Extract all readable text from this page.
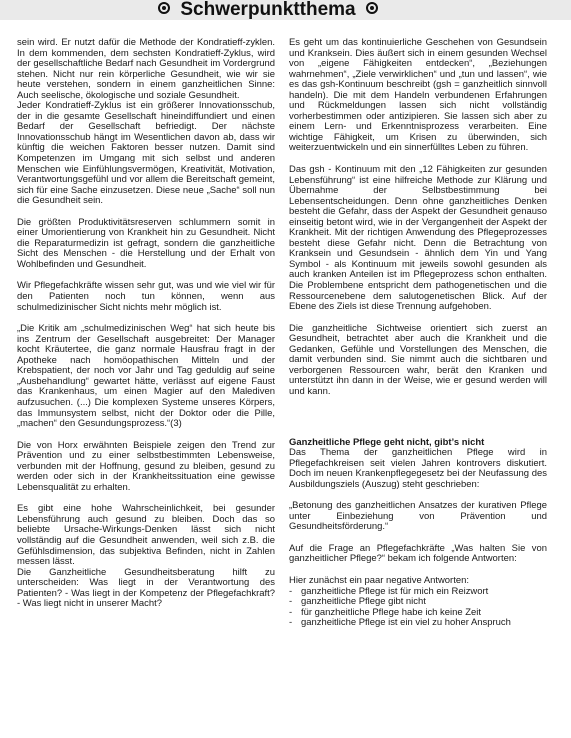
Schwerpunktthema

sein wird. Er nutzt dafür die Methode der Kondratieff-zyklen. In dem kommenden, dem sechsten Kondratieff-Zyklus, wird der gesellschaftliche Bedarf nach Gesundheit im Vordergrund stehen. Nicht nur rein körperliche Gesundheit, wie wir sie heute verstehen, sondern in einem ganzheitlichen Sinne: Auch seelische, ökologische und soziale Gesundheit.

Jeder Kondratieff-Zyklus ist ein größerer Innovationsschub, der in die gesamte Gesellschaft hineindiffundiert und einen Bedarf der Gesellschaft befriedigt. Der nächste Innovationsschub hängt im Wesentlichen davon ab, dass wir künftig die weichen Faktoren besser nutzen. Damit sind Kompetenzen im Umgang mit sich selbst und anderen Menschen wie Einfühlungsvermögen, Kreativität, Motivation, Verantwortungsgefühl und vor allem die Bereitschaft gemeint, sich für eine Sache einzusetzen. Diese neue „Sache“ soll nun die Gesundheit sein.

Die größten Produktivitätsreserven schlummern somit in einer Umorientierung von Krankheit hin zu Gesundheit. Nicht die Reparaturmedizin ist gefragt, sondern die ganzheitliche Sicht des Menschen - die Herstellung und der Erhalt von Wohlbefinden und Gesundheit.

Wir Pflegefachkräfte wissen sehr gut, was und wie viel wir für den Patienten noch tun können, wenn aus schulmedizinischer Sicht nichts mehr möglich ist.

„Die Kritik am „schulmedizinischen Weg“ hat sich heute bis ins Zentrum der Gesellschaft ausgebreitet: Der Manager kocht Kräutertee, die ganz normale Hausfrau fragt in der Apotheke nach homöopathischen Mitteln und der Krebspatient, der noch vor Jahr und Tag geduldig auf seine „Ausbehandlung“ gewartet hätte, verlässt auf eigene Faust das Krankenhaus, um einen Magier auf den Malediven aufzusuchen. (...) Die komplexen Systeme unseres Körpers, das Immunsystem selbst, nicht der Doktor oder die Pille, „machen“ den Gesundungsprozess.“(3)

Die von Horx erwähnten Beispiele zeigen den Trend zur Prävention und zu einer selbstbestimmten Lebensweise, verbunden mit der Hoffnung, gesund zu bleiben, gesund zu werden oder sich in der Krankheitssituation eine gewisse Lebensqualität zu erhalten.

Es gibt eine hohe Wahrscheinlichkeit, bei gesunder Lebensführung auch gesund zu bleiben. Doch das so beliebte Ursache-Wirkungs-Denken lässt sich nicht vollständig auf die Gesundheit anwenden, weil sich z.B. die Gefühlsdimension, das subjektiva Befinden, nicht in Zahlen messen lässt.

Die Ganzheitliche Gesundheitsberatung hilft zu unterscheiden: Was liegt in der Verantwortung des Patienten? - Was liegt in der Kompetenz der Pflegefachkraft? - Was liegt nicht in unserer Macht?

Es geht um das kontinuierliche Geschehen von Gesundsein und Kranksein. Dies äußert sich in einem gesunden Wechsel von „eigene Fähigkeiten entdecken“, „Beziehungen wahrnehmen“, „Ziele verwirklichen“ und „tun und lassen“, wie es das gsh-Kontinuum beschreibt (gsh = ganzheitlich sinnvoll handeln). Die mit dem Handeln verbundenen Erfahrungen und Rückmeldungen lassen sich nicht vollständig vorherbestimmen oder antizipieren. Sie lassen sich aber zu einem Lern- und Erkenntnisprozess verarbeiten. Eine wichtige Fähigkeit, um Krisen zu überwinden, sich weiterzuentwickeln und ein sinnerfülltes Leben zu führen.

Das gsh - Kontinuum mit den „12 Fähigkeiten zur gesunden Lebensführung“ ist eine hilfreiche Methode zur Klärung und Übernahme der Selbstbestimmung bei Lebensentscheidungen. Denn ohne ganzheitliches Denken besteht die Gefahr, dass der Aspekt der Gesundheit genauso einseitig betont wird, wie in der Vergangenheit der Aspekt der Krankheit. Mit der richtigen Anwendung des Pflegeprozesses besteht diese Gefahr nicht. Denn die Betrachtung von Kranksein und Gesundsein - ähnlich dem Yin und Yang Symbol - als Kontinuum mit jeweils sowohl gesunden als auch kranken Anteilen ist im Pflegeprozess schon enthalten. Die Problembene entspricht dem pathogenetischen und die Ressourcenebene dem salutogenetischen Blick. Auf der Ebene des Ziels ist diese Trennung aufgehoben.

Die ganzheitliche Sichtweise orientiert sich zuerst an Gesundheit, betrachtet aber auch die Krankheit und die Gedanken, Gefühle und Vorstellungen des Menschen, die damit verbunden sind. Sie nimmt auch die sichtbaren und verborgenen Ressourcen wahr, berät den Kranken und unterstützt ihn dann in der Weise, wie er gesund werden will und kann.

Ganzheitliche Pflege geht nicht, gibt’s nicht

Das Thema der ganzheitlichen Pflege wird in Pflegefachkreisen seit vielen Jahren kontrovers diskutiert. Doch im neuen Krankenpflegegesetz bei der Neufassung des Ausbildungsziels (Auszug) steht geschrieben:

„Betonung des ganzheitlichen Ansatzes der kurativen Pflege unter Einbeziehung von Prävention und Gesundheitsförderung.“

Auf die Frage an Pflegefachkräfte „Was halten Sie von ganzheitlicher Pflege?“ bekam ich folgende Antworten:

Hier zunächst ein paar negative Antworten:
- ganzheitliche Pflege ist für mich ein Reizwort
- ganzheitliche Pflege gibt nicht
- für ganzheitliche Pflege habe ich keine Zeit
- ganzheitliche Pflege ist ein viel zu hoher Anspruch
